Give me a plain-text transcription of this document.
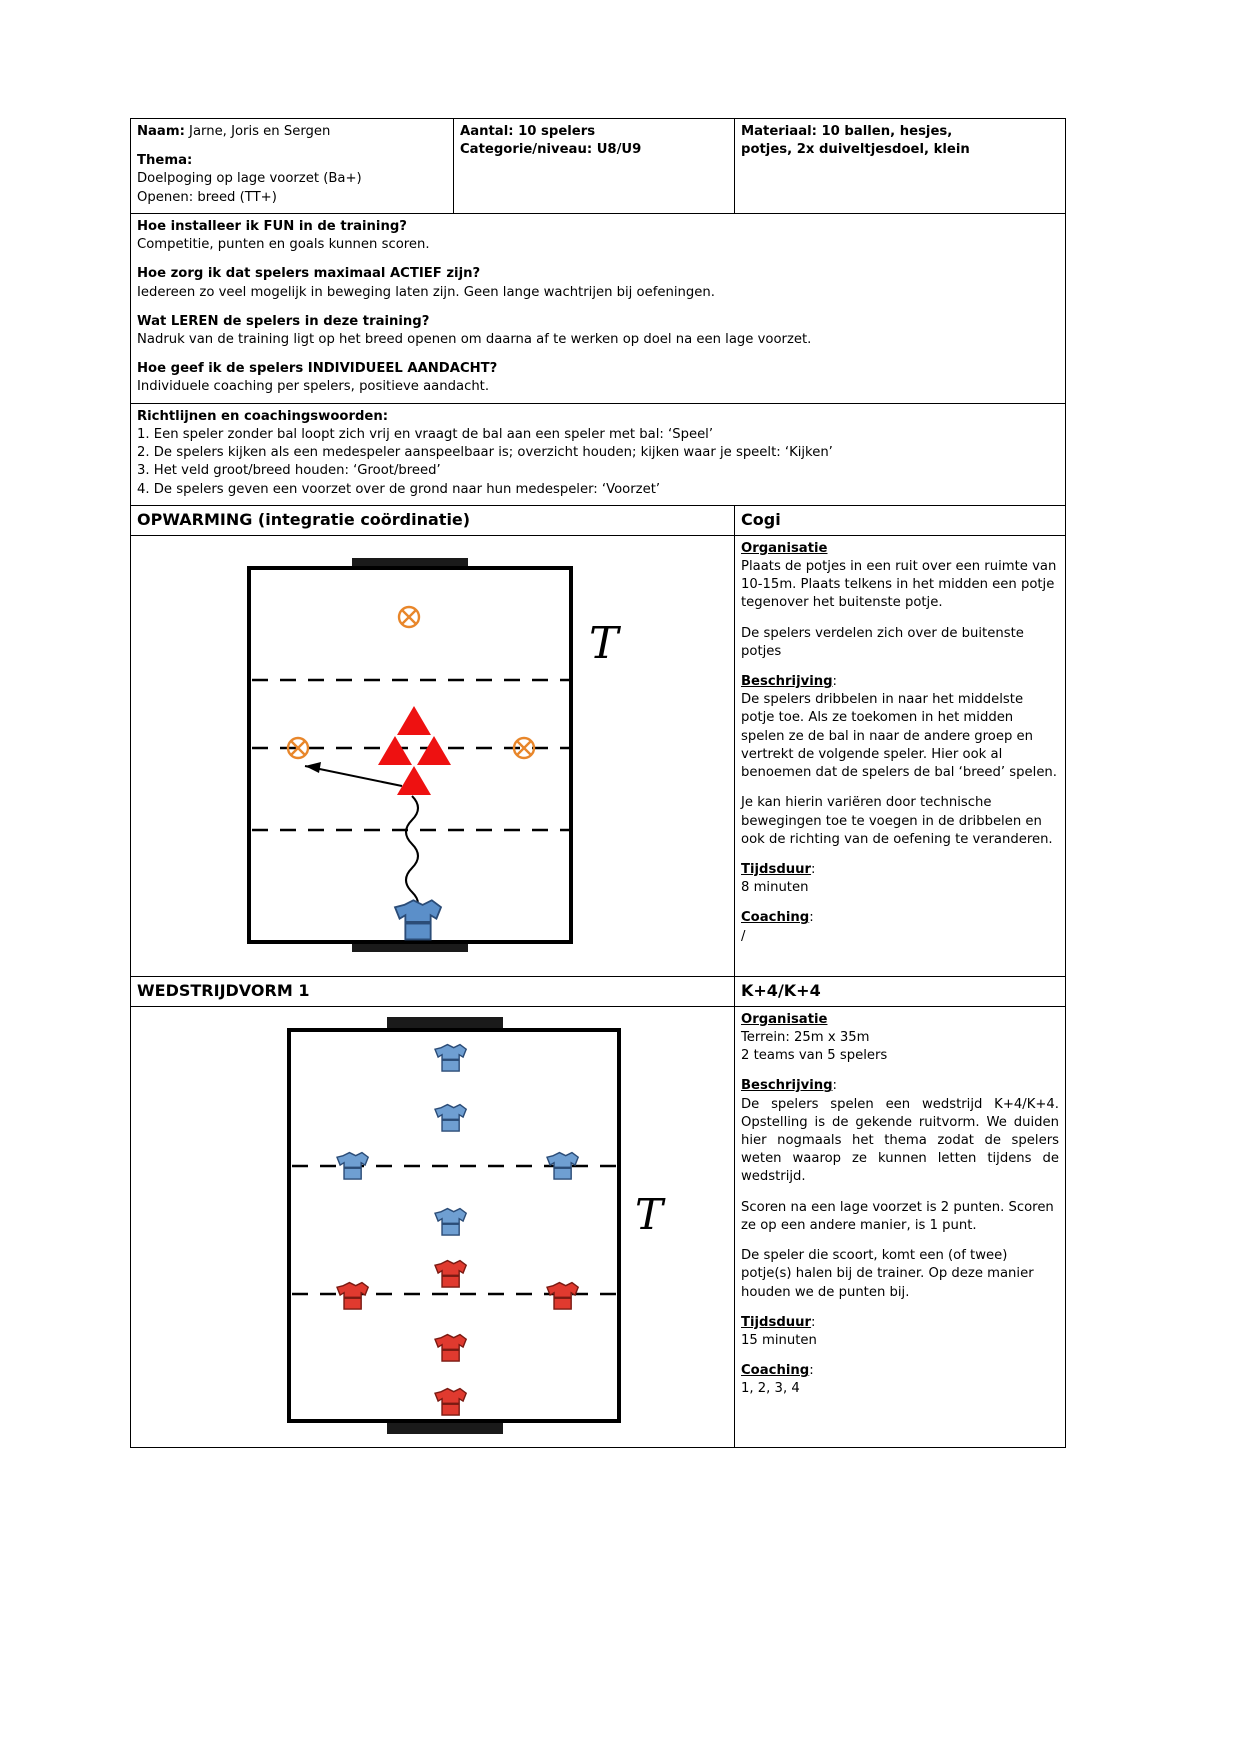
Naam: Jarne, Joris en Sergen
Thema:
Doelpoging op lage voorzet (Ba+)
Openen: breed (TT+)

Aantal: 10 spelers
Categorie/niveau: U8/U9

Materiaal: 10 ballen, hesjes,
potjes, 2x duiveltjesdoel, klein

Hoe installeer ik FUN in de training?
Competitie, punten en goals kunnen scoren.
Hoe zorg ik dat spelers maximaal ACTIEF zijn?
Iedereen zo veel mogelijk in beweging laten zijn. Geen lange wachtrijen bij oefeningen.
Wat LEREN de spelers in deze training?
Nadruk van de training ligt op het breed openen om daarna af te werken op doel na een lage voorzet.
Hoe geef ik de spelers INDIVIDUEEL AANDACHT?
Individuele coaching per spelers, positieve aandacht.

Richtlijnen en coachingswoorden:
1. Een speler zonder bal loopt zich vrij en vraagt de bal aan een speler met bal: ‘Speel’
2. De spelers kijken als een medespeler aanspeelbaar is; overzicht houden; kijken waar je speelt: ‘Kijken’
3. Het veld groot/breed houden: ‘Groot/breed’
4. De spelers geven een voorzet over de grond naar hun medespeler: ‘Voorzet’		

OPWARMING (integratie coördinatie)		Cogi

T

Organisatie
Plaats de potjes in een ruit over een ruimte van 10-15m. Plaats telkens in het midden een potje tegenover het buitenste potje.
De spelers verdelen zich over de buitenste potjes
Beschrijving:
De spelers dribbelen in naar het middelste potje toe. Als ze toekomen in het midden spelen ze de bal in naar de andere groep en vertrekt de volgende speler. Hier ook al benoemen dat de spelers de bal ‘breed’ spelen.
Je kan hierin variëren door technische bewegingen toe te voegen in de dribbelen en ook de richting van de oefening te veranderen.
Tijdsduur:
8 minuten
Coaching:
/

WEDSTRIJDVORM 1		K+4/K+4

T

Organisatie
Terrein: 25m x 35m
2 teams van 5 spelers
Beschrijving:
De spelers spelen een wedstrijd K+4/K+4. Opstelling is de gekende ruitvorm. We duiden hier nogmaals het thema zodat de spelers weten waarop ze kunnen letten tijdens de wedstrijd.
Scoren na een lage voorzet is 2 punten. Scoren ze op een andere manier, is 1 punt.
De speler die scoort, komt een (of twee) potje(s) halen bij de trainer. Op deze manier houden we de punten bij.
Tijdsduur:
15 minuten
Coaching:
1, 2, 3, 4
